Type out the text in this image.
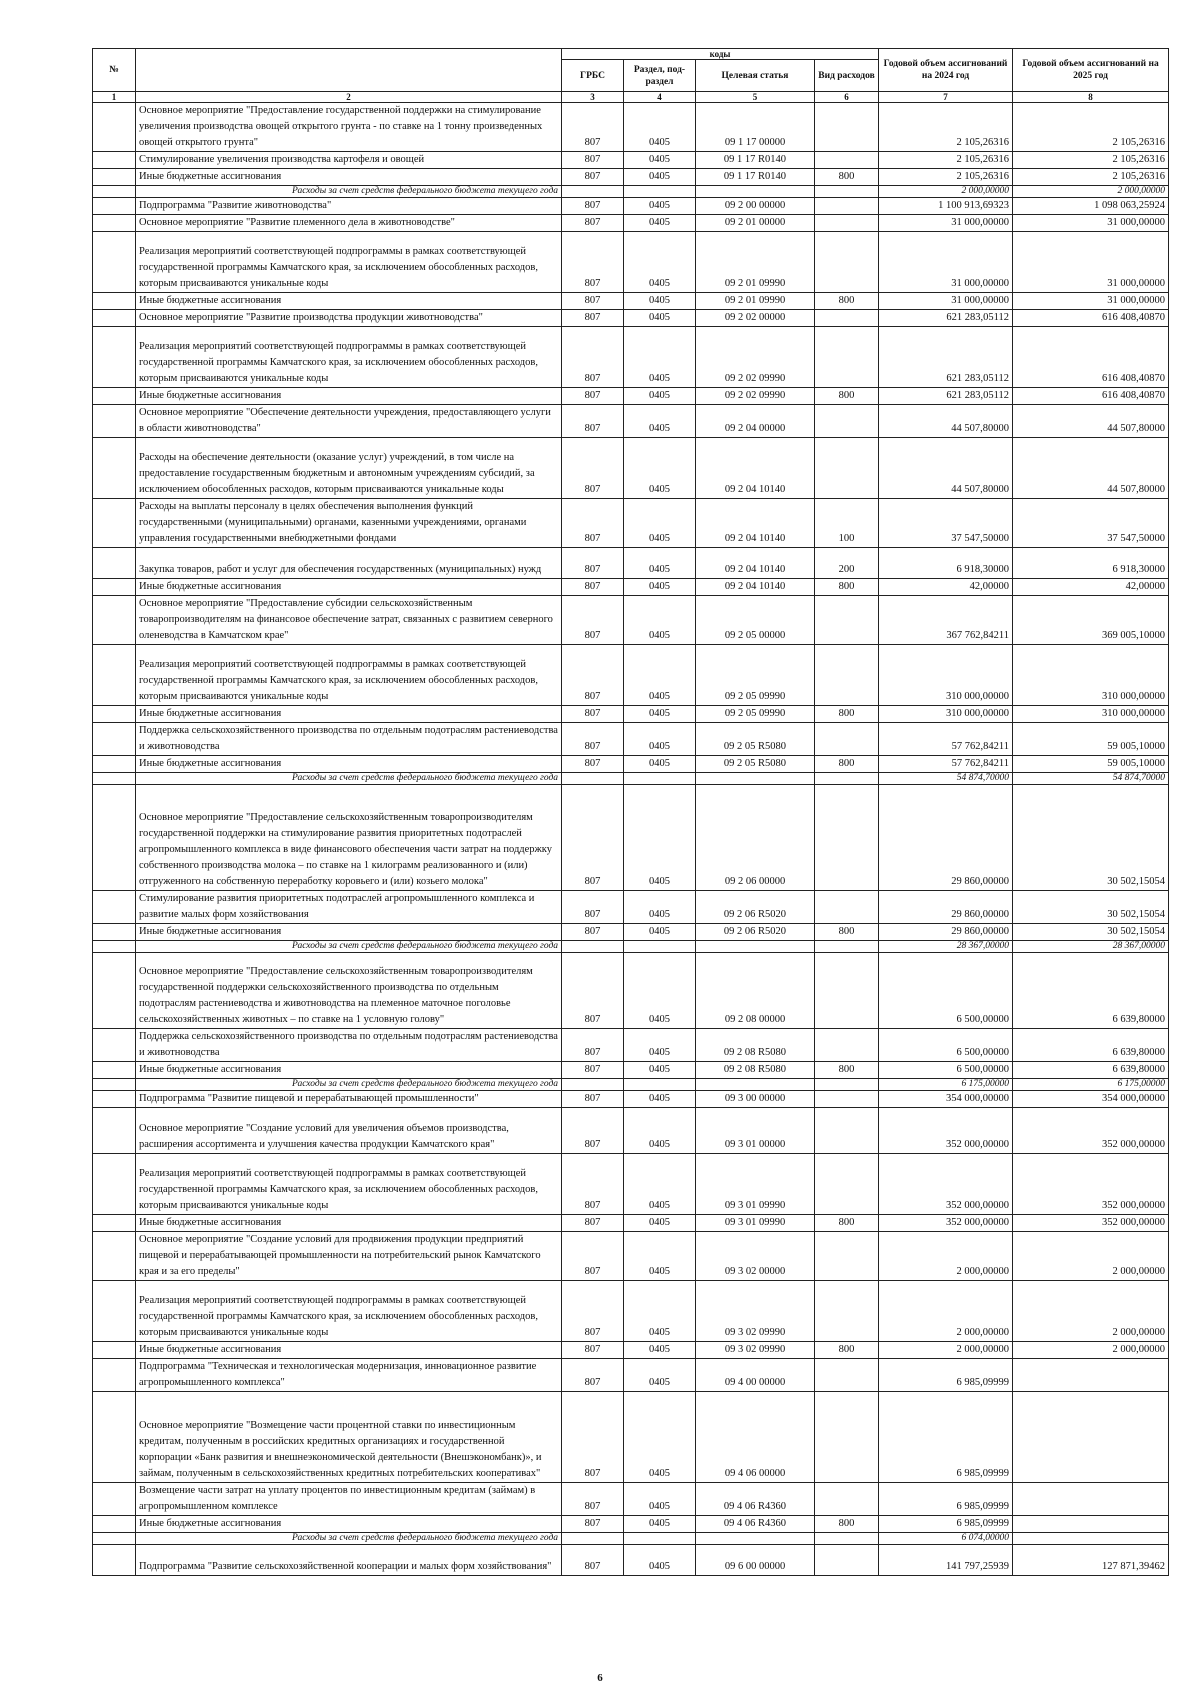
№		коды				Годовой объем ассигнований на 2024 год	Годовой объем ассигнований на 2025 год
		ГРБС	Раздел, под-раздел	Целевая статья	Вид расходов		
1	2	3	4	5	6	7	8
	Основное мероприятие "Предоставление государственной поддержки на стимулирование увеличения производства овощей открытого грунта - по ставке на 1 тонну произведенных овощей открытого грунта"	807	0405	09 1 17 00000		2 105,26316	2 105,26316
	Стимулирование увеличения производства картофеля и овощей	807	0405	09 1 17 R0140		2 105,26316	2 105,26316
	Иные бюджетные ассигнования	807	0405	09 1 17 R0140	800	2 105,26316	2 105,26316
	Расходы за счет средств федерального бюджета текущего года					2 000,00000	2 000,00000
	Подпрограмма "Развитие животноводства"	807	0405	09 2 00 00000		1 100 913,69323	1 098 063,25924
	Основное мероприятие "Развитие племенного дела в животноводстве"	807	0405	09 2 01 00000		31 000,00000	31 000,00000
	Реализация мероприятий соответствующей подпрограммы в рамках соответствующей государственной программы Камчатского края, за исключением обособленных расходов, которым присваиваются уникальные коды	807	0405	09 2 01 09990		31 000,00000	31 000,00000
	Иные бюджетные ассигнования	807	0405	09 2 01 09990	800	31 000,00000	31 000,00000
	Основное мероприятие "Развитие производства продукции животноводства"	807	0405	09 2 02 00000		621 283,05112	616 408,40870
	Реализация мероприятий соответствующей подпрограммы в рамках соответствующей государственной программы Камчатского края, за исключением обособленных расходов, которым присваиваются уникальные коды	807	0405	09 2 02 09990		621 283,05112	616 408,40870
	Иные бюджетные ассигнования	807	0405	09 2 02 09990	800	621 283,05112	616 408,40870
	Основное мероприятие "Обеспечение деятельности учреждения, предоставляющего услуги в области животноводства"	807	0405	09 2 04 00000		44 507,80000	44 507,80000
	Расходы на обеспечение деятельности (оказание услуг) учреждений, в том числе на предоставление государственным бюджетным и автономным учреждениям субсидий, за исключением обособленных расходов, которым присваиваются уникальные коды	807	0405	09 2 04 10140		44 507,80000	44 507,80000
	Расходы на выплаты персоналу в целях обеспечения выполнения функций государственными (муниципальными) органами, казенными учреждениями, органами управления государственными внебюджетными фондами	807	0405	09 2 04 10140	100	37 547,50000	37 547,50000
	Закупка товаров, работ и услуг для обеспечения государственных (муниципальных) нужд	807	0405	09 2 04 10140	200	6 918,30000	6 918,30000
	Иные бюджетные ассигнования	807	0405	09 2 04 10140	800	42,00000	42,00000
	Основное мероприятие "Предоставление субсидии сельскохозяйственным товаропроизводителям на финансовое обеспечение затрат, связанных с развитием северного оленеводства в Камчатском крае"	807	0405	09 2 05 00000		367 762,84211	369 005,10000
	Реализация мероприятий соответствующей подпрограммы в рамках соответствующей государственной программы Камчатского края, за исключением обособленных расходов, которым присваиваются уникальные коды	807	0405	09 2 05 09990		310 000,00000	310 000,00000
	Иные бюджетные ассигнования	807	0405	09 2 05 09990	800	310 000,00000	310 000,00000
	Поддержка сельскохозяйственного производства по отдельным подотраслям растениеводства и животноводства	807	0405	09 2 05 R5080		57 762,84211	59 005,10000
	Иные бюджетные ассигнования	807	0405	09 2 05 R5080	800	57 762,84211	59 005,10000
	Расходы за счет средств федерального бюджета текущего года					54 874,70000	54 874,70000
	Основное мероприятие "Предоставление сельскохозяйственным товаропроизводителям государственной поддержки на стимулирование развития приоритетных подотраслей агропромышленного комплекса в виде финансового обеспечения части затрат на поддержку собственного производства молока – по ставке на 1 килограмм реализованного и (или) отгруженного на собственную переработку коровьего и (или) козьего молока"	807	0405	09 2 06 00000		29 860,00000	30 502,15054
	Стимулирование развития приоритетных подотраслей агропромышленного комплекса и развитие малых форм хозяйствования	807	0405	09 2 06 R5020		29 860,00000	30 502,15054
	Иные бюджетные ассигнования	807	0405	09 2 06 R5020	800	29 860,00000	30 502,15054
	Расходы за счет средств федерального бюджета текущего года					28 367,00000	28 367,00000
	Основное мероприятие "Предоставление сельскохозяйственным товаропроизводителям государственной поддержки сельскохозяйственного производства по отдельным подотраслям растениеводства и животноводства на племенное маточное поголовье сельскохозяйственных животных – по ставке на 1 условную голову"	807	0405	09 2 08 00000		6 500,00000	6 639,80000
	Поддержка сельскохозяйственного производства по отдельным подотраслям растениеводства и животноводства	807	0405	09 2 08 R5080		6 500,00000	6 639,80000
	Иные бюджетные ассигнования	807	0405	09 2 08 R5080	800	6 500,00000	6 639,80000
	Расходы за счет средств федерального бюджета текущего года					6 175,00000	6 175,00000
	Подпрограмма "Развитие пищевой и перерабатывающей промышленности"	807	0405	09 3 00 00000		354 000,00000	354 000,00000
	Основное мероприятие "Создание условий для увеличения объемов производства, расширения ассортимента и улучшения качества продукции Камчатского края"	807	0405	09 3 01 00000		352 000,00000	352 000,00000
	Реализация мероприятий соответствующей подпрограммы в рамках соответствующей государственной программы Камчатского края, за исключением обособленных расходов, которым присваиваются уникальные коды	807	0405	09 3 01 09990		352 000,00000	352 000,00000
	Иные бюджетные ассигнования	807	0405	09 3 01 09990	800	352 000,00000	352 000,00000
	Основное мероприятие "Создание условий для продвижения продукции предприятий пищевой и перерабатывающей промышленности на потребительский рынок Камчатского края и за его пределы"	807	0405	09 3 02 00000		2 000,00000	2 000,00000
	Реализация мероприятий соответствующей подпрограммы в рамках соответствующей государственной программы Камчатского края, за исключением обособленных расходов, которым присваиваются уникальные коды	807	0405	09 3 02 09990		2 000,00000	2 000,00000
	Иные бюджетные ассигнования	807	0405	09 3 02 09990	800	2 000,00000	2 000,00000
	Подпрограмма "Техническая и технологическая модернизация, инновационное развитие агропромышленного комплекса"	807	0405	09 4 00 00000		6 985,09999	
	Основное мероприятие "Возмещение части процентной ставки по инвестиционным кредитам, полученным в российских кредитных организациях и государственной корпорации «Банк развития и внешнеэкономической деятельности (Внешэкономбанк)», и займам, полученным в сельскохозяйственных кредитных потребительских кооперативах"	807	0405	09 4 06 00000		6 985,09999	
	Возмещение части затрат на уплату процентов по инвестиционным кредитам (займам) в агропромышленном комплексе	807	0405	09 4 06 R4360		6 985,09999	
	Иные бюджетные ассигнования	807	0405	09 4 06 R4360	800	6 985,09999	
	Расходы за счет средств федерального бюджета текущего года					6 074,00000	
	Подпрограмма "Развитие сельскохозяйственной кооперации и малых форм хозяйствования"	807	0405	09 6 00 00000		141 797,25939	127 871,39462
6
